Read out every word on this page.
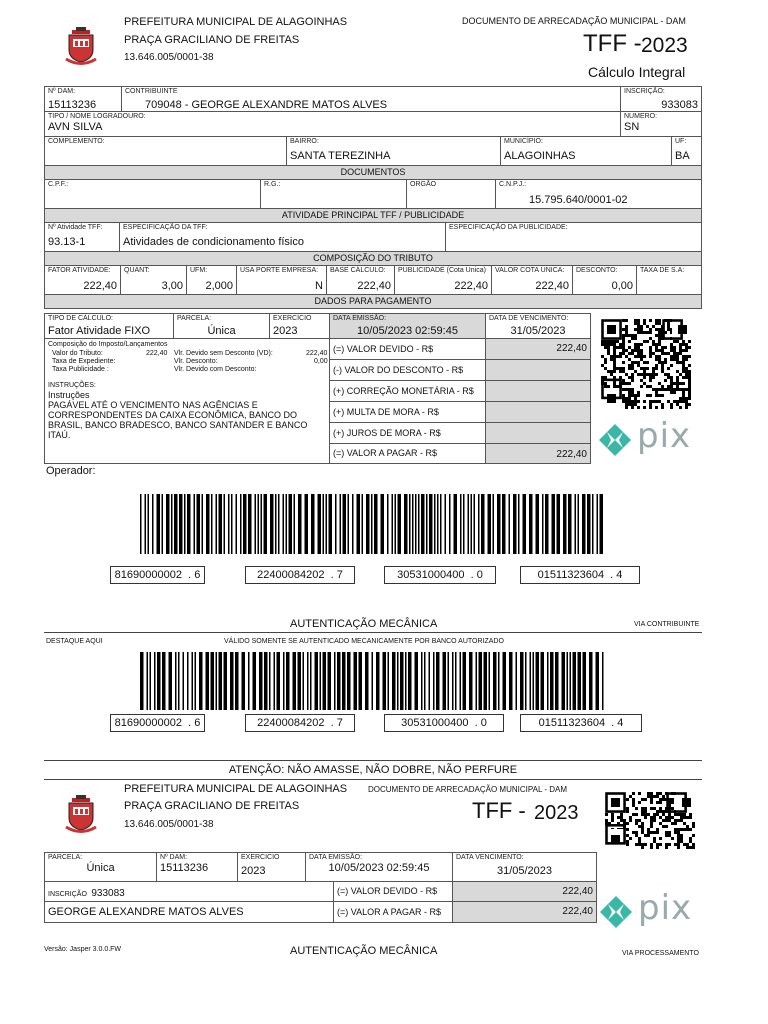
PREFEITURA MUNICIPAL DE ALAGOINHAS
PRAÇA GRACILIANO DE FREITAS
13.646.005/0001-38
DOCUMENTO DE ARRECADAÇÃO MUNICIPAL - DAM
TFF - 2023
Cálculo Integral
Nº DAM:
15113236
CONTRIBUINTE
709048 - GEORGE ALEXANDRE MATOS ALVES
INSCRIÇÃO:
933083
TIPO / NOME LOGRADOURO:
AVN SILVA
NUMERO:
SN
COMPLEMENTO:	BAIRRO:
SANTA TEREZINHA
MUNICÍPIO:
ALAGOINHAS
UF:
BA
DOCUMENTOS
C.P.F.:	R.G.:	ORGÃO	C.N.P.J.:
15.795.640/0001-02
ATIVIDADE PRINCIPAL TFF / PUBLICIDADE
Nº Atividade TFF:
93.13-1
ESPECIFICAÇÃO DA TFF:
Atividades de condicionamento físico
ESPECIFICAÇÃO DA PUBLICIDADE:
COMPOSIÇÃO DO TRIBUTO
FATOR ATIVIDADE:
222,40
QUANT:
3,00
UFM:
2,000
USA PORTE EMPRESA:
N
BASE CÁLCULO:
222,40
PUBLICIDADE (Cota Única)
222,40
VALOR COTA ÚNICA:
222,40
DESCONTO:
0,00
TAXA DE S.A:
DADOS PARA PAGAMENTO
TIPO DE CÁLCULO:
Fator Atividade FIXO
PARCELA:
Única
EXERCÍCIO
2023
DATA EMISSÃO:
10/05/2023 02:59:45
DATA DE VENCIMENTO:
31/05/2023
Composição do Imposto/Lançamentos
Valor do Tributo:	222,40 Vlr. Devido sem Desconto (VD):	222,40
Taxa de Expediente:	Vlr. Desconto:	0,00
Taxa Publicidade :	Vlr. Devido com Desconto:
INSTRUÇÕES:
Instruções
PAGÁVEL ATÉ O VENCIMENTO NAS AGÊNCIAS E CORRESPONDENTES DA CAIXA ECONÔMICA, BANCO DO BRASIL, BANCO BRADESCO, BANCO SANTANDER E BANCO ITAÚ.
(=) VALOR DEVIDO - R$	222,40
(-) VALOR DO DESCONTO - R$
(+) CORREÇÃO MONETÁRIA - R$
(+) MULTA DE MORA - R$
(+) JUROS DE MORA - R$
(=) VALOR A PAGAR - R$	222,40 pix
Operador:
81690000002  . 6	22400084202  . 7	30531000400  . 0	01511323604  . 4
AUTENTICAÇÃO MECÂNICA	VIA CONTRIBUINTE
DESTAQUE AQUI	VÁLIDO SOMENTE SE AUTENTICADO MECANICAMENTE POR BANCO AUTORIZADO
81690000002  . 6	22400084202  . 7	30531000400  . 0	01511323604  . 4
ATENÇÃO: NÃO AMASSE, NÃO DOBRE, NÃO PERFURE
PREFEITURA MUNICIPAL DE ALAGOINHAS
PRAÇA GRACILIANO DE FREITAS
13.646.005/0001-38
DOCUMENTO DE ARRECADAÇÃO MUNICIPAL - DAM
TFF - 2023
PARCELA:
Única
Nº DAM:
15113236
EXERCICIO
2023
DATA EMISSÃO:
10/05/2023 02:59:45
DATA VENCIMENTO:
31/05/2023
INSCRIÇÃO 933083	(=) VALOR DEVIDO - R$	222,40
GEORGE ALEXANDRE MATOS ALVES	(=) VALOR A PAGAR - R$	222,40 pix
Versão: Jasper 3.0.0.FW	AUTENTICAÇÃO MECÂNICA	VIA PROCESSAMENTO
